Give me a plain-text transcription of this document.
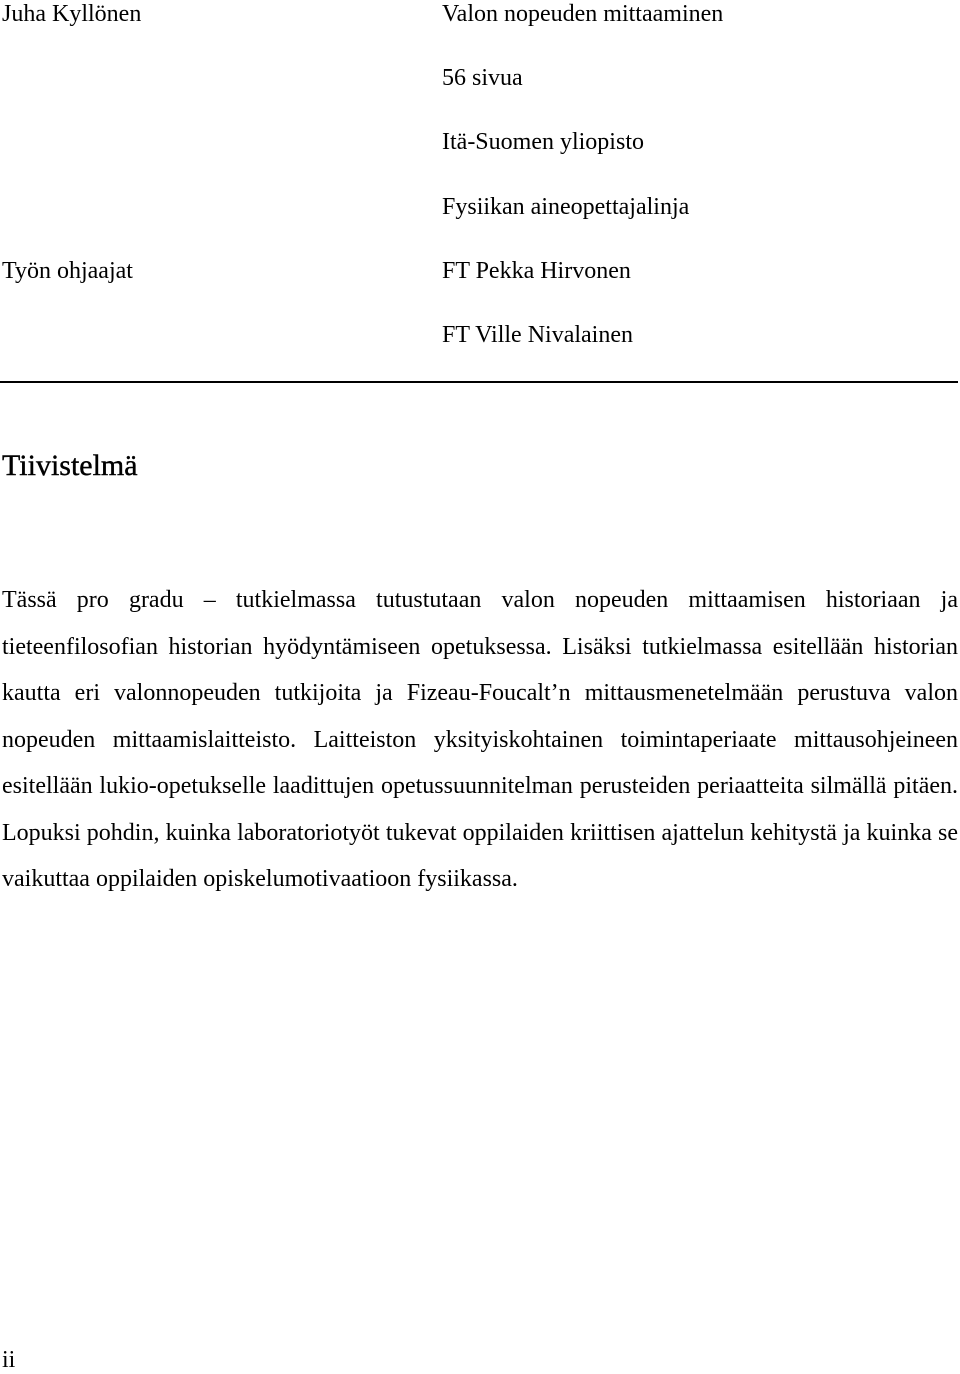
Juha Kyllönen	Valon nopeuden mittaaminen
56 sivua
Itä-Suomen yliopisto
Fysiikan aineopettajalinja
Työn ohjaajat	FT Pekka Hirvonen
FT Ville Nivalainen
Tiivistelmä

Tässä pro gradu – tutkielmassa tutustutaan valon nopeuden mittaamisen historiaan ja tieteenfilosofian historian hyödyntämiseen opetuksessa. Lisäksi tutkielmassa esitellään historian kautta eri valonnopeuden tutkijoita ja Fizeau-Foucalt’n mittausmenetelmään perustuva valon nopeuden mittaamislaitteisto. Laitteiston yksityiskohtainen toimintaperiaate mittausohjeineen esitellään lukio-opetukselle laadittujen opetussuunnitelman perusteiden periaatteita silmällä pitäen. Lopuksi pohdin, kuinka laboratoriotyöt tukevat oppilaiden kriittisen ajattelun kehitystä ja kuinka se vaikuttaa oppilaiden opiskelumotivaatioon fysiikassa.

ii
